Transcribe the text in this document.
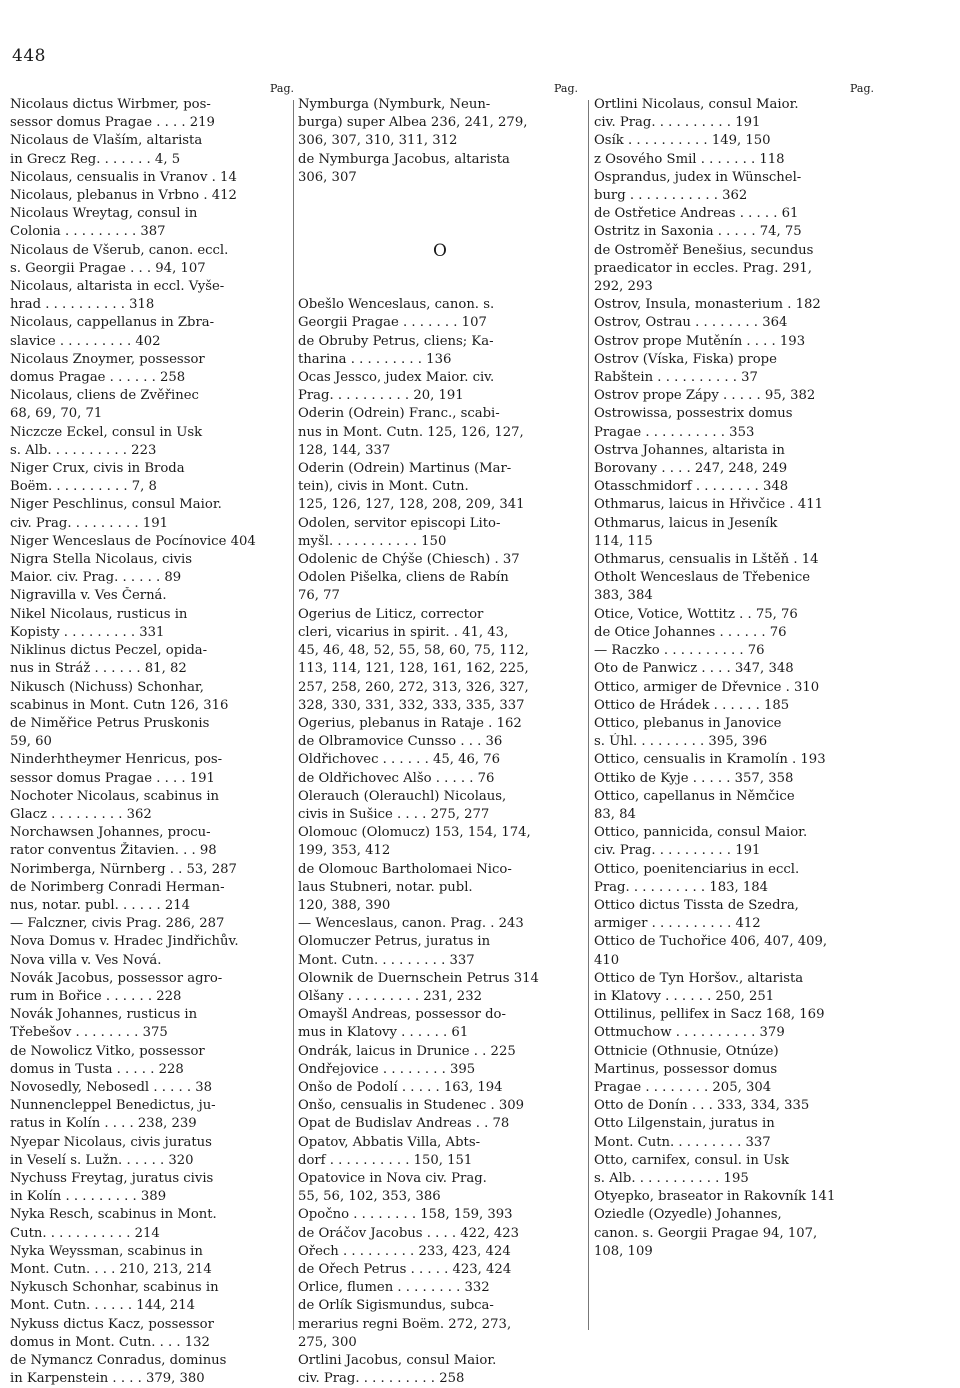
448
Pag.
Nicolaus dictus Wirbmer, pos-
sessor domus Pragae . . . . 219
Nicolaus de Vlaším, altarista
in Grecz Reg. . . . . . . 4, 5
Nicolaus, censualis in Vranov . 14
Nicolaus, plebanus in Vrbno . 412
Nicolaus Wreytag, consul in
Colonia . . . . . . . . . 387
Nicolaus de Všerub, canon. eccl.
s. Georgii Pragae . . . 94, 107
Nicolaus, altarista in eccl. Vyše-
hrad . . . . . . . . . . 318
Nicolaus, cappellanus in Zbra-
slavice . . . . . . . . . 402
Nicolaus Znoymer, possessor
domus Pragae . . . . . . 258
Nicolaus, cliens de Zvěřinec
68, 69, 70, 71
Niczcze Eckel, consul in Usk
s. Alb. . . . . . . . . . 223
Niger Crux, civis in Broda
Boëm. . . . . . . . . . 7, 8
Niger Peschlinus, consul Maior.
civ. Prag. . . . . . . . . 191
Niger Wenceslaus de Pocínovice 404
Nigra Stella Nicolaus, civis
Maior. civ. Prag. . . . . . 89
Nigravilla v. Ves Černá.
Nikel Nicolaus, rusticus in
Kopisty . . . . . . . . . 331
Niklinus dictus Peczel, opida-
nus in Stráž . . . . . . 81, 82
Nikusch (Nichuss) Schonhar,
scabinus in Mont. Cutn 126, 316
de Niměřice Petrus Pruskonis
59, 60
Ninderhtheymer Henricus, pos-
sessor domus Pragae . . . . 191
Nochoter Nicolaus, scabinus in
Glacz . . . . . . . . . 362
Norchawsen Johannes, procu-
rator conventus Žitavien. . . 98
Norimberga, Nürnberg . . 53, 287
de Norimberg Conradi Herman-
nus, notar. publ. . . . . . 214
— Falczner, civis Prag. 286, 287
Nova Domus v. Hradec Jindřichův.
Nova villa v. Ves Nová.
Novák Jacobus, possessor agro-
rum in Bořice . . . . . . 228
Novák Johannes, rusticus in
Třebešov . . . . . . . . 375
de Nowolicz Vitko, possessor
domus in Tusta . . . . . 228
Novosedly, Nebosedl . . . . . 38
Nunnencleppel Benedictus, ju-
ratus in Kolín . . . . 238, 239
Nyepar Nicolaus, civis juratus
in Veselí s. Lužn. . . . . . 320
Nychuss Freytag, juratus civis
in Kolín . . . . . . . . . 389
Nyka Resch, scabinus in Mont.
Cutn. . . . . . . . . . . 214
Nyka Weyssman, scabinus in
Mont. Cutn. . . . 210, 213, 214
Nykusch Schonhar, scabinus in
Mont. Cutn. . . . . . 144, 214
Nykuss dictus Kacz, possessor
domus in Mont. Cutn. . . . 132
de Nymancz Conradus, dominus
in Karpenstein . . . . 379, 380
Pag.
Nymburga (Nymburk, Neun-
burga) super Albea 236, 241, 279,
306, 307, 310, 311, 312
de Nymburga Jacobus, altarista
306, 307

O

Obešlo Wenceslaus, canon. s.
Georgii Pragae . . . . . . . 107
de Obruby Petrus, cliens; Ka-
tharina . . . . . . . . . 136
Ocas Jessco, judex Maior. civ.
Prag. . . . . . . . . . 20, 191
Oderin (Odrein) Franc., scabi-
nus in Mont. Cutn. 125, 126, 127,
128, 144, 337
Oderin (Odrein) Martinus (Mar-
tein), civis in Mont. Cutn.
125, 126, 127, 128, 208, 209, 341
Odolen, servitor episcopi Lito-
myšl. . . . . . . . . . . 150
Odolenic de Chýše (Chiesch) . 37
Odolen Pišelka, cliens de Rabín
76, 77
Ogerius de Liticz, corrector
cleri, vicarius in spirit. . 41, 43,
45, 46, 48, 52, 55, 58, 60, 75, 112,
113, 114, 121, 128, 161, 162, 225,
257, 258, 260, 272, 313, 326, 327,
328, 330, 331, 332, 333, 335, 337
Ogerius, plebanus in Rataje . 162
de Olbramovice Cunsso . . . 36
Oldřichovec . . . . . . 45, 46, 76
de Oldřichovec Alšo . . . . . 76
Olerauch (Olerauchl) Nicolaus,
civis in Sušice . . . . 275, 277
Olomouc (Olomucz) 153, 154, 174,
199, 353, 412
de Olomouc Bartholomaei Nico-
laus Stubneri, notar. publ.
120, 388, 390
— Wenceslaus, canon. Prag. . 243
Olomuczer Petrus, juratus in
Mont. Cutn. . . . . . . . . 337
Olownik de Duernschein Petrus 314
Olšany . . . . . . . . . 231, 232
Omayšl Andreas, possessor do-
mus in Klatovy . . . . . . 61
Ondrák, laicus in Drunice . . 225
Ondřejovice . . . . . . . . 395
Onšo de Podolí . . . . . 163, 194
Onšo, censualis in Studenec . 309
Opat de Budislav Andreas . . 78
Opatov, Abbatis Villa, Abts-
dorf . . . . . . . . . . 150, 151
Opatovice in Nova civ. Prag.
55, 56, 102, 353, 386
Opočno . . . . . . . . 158, 159, 393
de Oráčov Jacobus . . . . 422, 423
Ořech . . . . . . . . . 233, 423, 424
de Ořech Petrus . . . . . 423, 424
Orlice, flumen . . . . . . . . 332
de Orlík Sigismundus, subca-
merarius regni Boëm. 272, 273,
275, 300
Ortlini Jacobus, consul Maior.
civ. Prag. . . . . . . . . . 258
Pag.
Ortlini Nicolaus, consul Maior.
civ. Prag. . . . . . . . . . 191
Osík . . . . . . . . . . 149, 150
z Osového Smil . . . . . . . 118
Osprandus, judex in Wünschel-
burg . . . . . . . . . . . 362
de Ostřetice Andreas . . . . . 61
Ostritz in Saxonia . . . . . 74, 75
de Ostroměř Benešius, secundus
praedicator in eccles. Prag. 291,
292, 293
Ostrov, Insula, monasterium . 182
Ostrov, Ostrau . . . . . . . . 364
Ostrov prope Mutěnín . . . . 193
Ostrov (Víska, Fiska) prope
Rabštein . . . . . . . . . . 37
Ostrov prope Zápy . . . . . 95, 382
Ostrowissa, possestrix domus
Pragae . . . . . . . . . . 353
Ostrva Johannes, altarista in
Borovany . . . . 247, 248, 249
Otasschmidorf . . . . . . . . 348
Othmarus, laicus in Hřivčice . 411
Othmarus, laicus in Jeseník
114, 115
Othmarus, censualis in Lštěň . 14
Otholt Wenceslaus de Třebenice
383, 384
Otice, Votice, Wottitz . . 75, 76
de Otice Johannes . . . . . . 76
— Raczko . . . . . . . . . . 76
Oto de Panwicz . . . . 347, 348
Ottico, armiger de Dřevnice . 310
Ottico de Hrádek . . . . . . 185
Ottico, plebanus in Janovice
s. Úhl. . . . . . . . . 395, 396
Ottico, censualis in Kramolín . 193
Ottiko de Kyje . . . . . 357, 358
Ottico, capellanus in Němčice
83, 84
Ottico, pannicida, consul Maior.
civ. Prag. . . . . . . . . . 191
Ottico, poenitenciarius in eccl.
Prag. . . . . . . . . . 183, 184
Ottico dictus Tissta de Szedra,
armiger . . . . . . . . . . 412
Ottico de Tuchořice 406, 407, 409,
410
Ottico de Tyn Horšov., altarista
in Klatovy . . . . . . 250, 251
Ottilinus, pellifex in Sacz 168, 169
Ottmuchow . . . . . . . . . . 379
Ottnicie (Othnusie, Otnúze)
Martinus, possessor domus
Pragae . . . . . . . . 205, 304
Otto de Donín . . . 333, 334, 335
Otto Lilgenstain, juratus in
Mont. Cutn. . . . . . . . . 337
Otto, carnifex, consul. in Usk
s. Alb. . . . . . . . . . . 195
Otyepko, braseator in Rakovník 141
Oziedle (Ozyedle) Johannes,
canon. s. Georgii Pragae 94, 107,
108, 109
